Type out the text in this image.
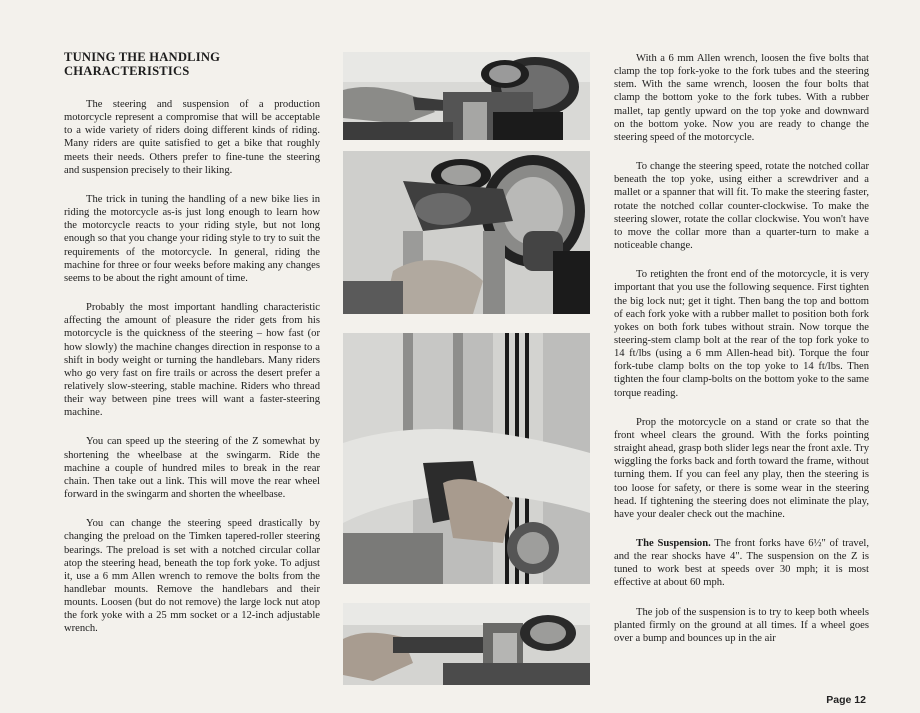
TUNING THE HANDLING CHARACTERISTICS

The steering and suspension of a production motorcycle represent a compromise that will be acceptable to a wide variety of riders doing different kinds of riding. Many riders are quite satisfied to get a bike that roughly meets their needs. Others prefer to fine-tune the steering and suspension precisely to their liking.

The trick in tuning the handling of a new bike lies in riding the motorcycle as-is just long enough to learn how the motorcycle reacts to your riding style, but not long enough so that you change your riding style to try to suit the requirements of the motorcycle. In general, riding the machine for three or four weeks before making any changes seems to be about the right amount of time.

Probably the most important handling characteristic affecting the amount of pleasure the rider gets from his motorcycle is the quickness of the steering – how fast (or how slowly) the machine changes direction in response to a shift in body weight or turning the handlebars. Many riders who go very fast on fire trails or across the desert prefer a relatively slow-steering, stable machine. Riders who thread their way between pine trees will want a faster-steering machine.

You can speed up the steering of the Z somewhat by shortening the wheelbase at the swingarm. Ride the machine a couple of hundred miles to break in the rear chain. Then take out a link. This will move the rear wheel forward in the swingarm and shorten the wheelbase.

You can change the steering speed drastically by changing the preload on the Timken tapered-roller steering bearings. The preload is set with a notched circular collar atop the steering head, beneath the top fork yoke. To adjust it, use a 6 mm Allen wrench to remove the bolts from the handlebar mounts. Remove the handlebars and their mounts. Loosen (but do not remove) the large lock nut atop the fork yoke with a 25 mm socket or a 12-inch adjustable wrench.

With a 6 mm Allen wrench, loosen the five bolts that clamp the top fork-yoke to the fork tubes and the steering stem. With the same wrench, loosen the four bolts that clamp the bottom yoke to the fork tubes. With a rubber mallet, tap gently upward on the top yoke and downward on the bottom yoke. Now you are ready to change the steering speed of the motorcycle.

To change the steering speed, rotate the notched collar beneath the top yoke, using either a screwdriver and a mallet or a spanner that will fit. To make the steering faster, rotate the notched collar counter-clockwise. To make the steering slower, rotate the collar clockwise. You won't have to move the collar more than a quarter-turn to make a noticeable change.

To retighten the front end of the motorcycle, it is very important that you use the following sequence. First tighten the big lock nut; get it tight. Then bang the top and bottom of each fork yoke with a rubber mallet to position both fork yokes on both fork tubes without strain. Now torque the steering-stem clamp bolt at the rear of the top fork yoke to 14 ft/lbs (using a 6 mm Allen-head bit). Torque the four fork-tube clamp bolts on the top yoke to 14 ft/lbs. Then tighten the four clamp-bolts on the bottom yoke to the same torque reading.

Prop the motorcycle on a stand or crate so that the front wheel clears the ground. With the forks pointing straight ahead, grasp both slider legs near the front axle. Try wiggling the forks back and forth toward the frame, without turning them. If you can feel any play, then the steering is too loose for safety, or there is some wear in the steering head. If tightening the steering does not eliminate the play, have your dealer check out the machine.

The Suspension. The front forks have 6½" of travel, and the rear shocks have 4". The suspension on the Z is tuned to work best at speeds over 30 mph; it is most effective at about 60 mph.

The job of the suspension is to try to keep both wheels planted firmly on the ground at all times. If a wheel goes over a bump and bounces up in the air

Page 12
